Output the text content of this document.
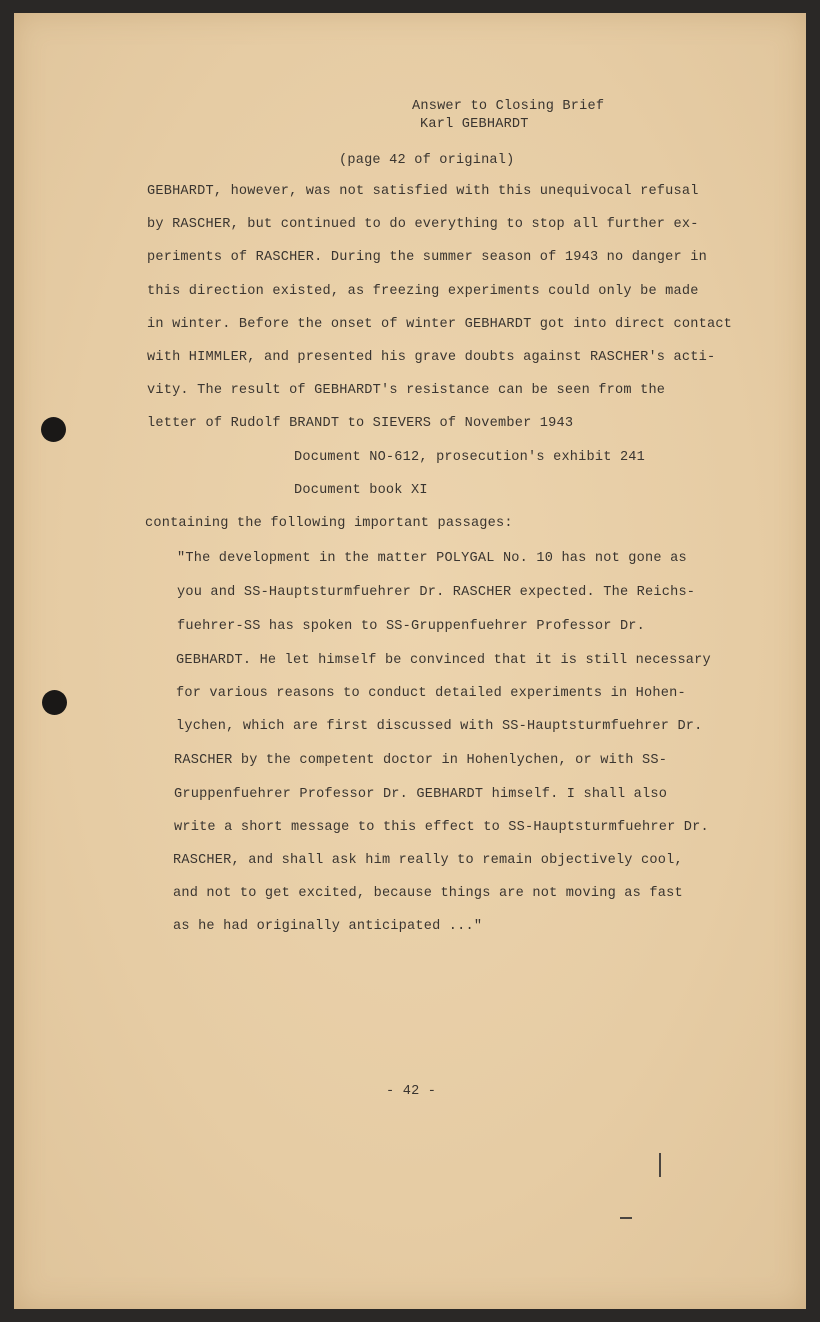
Answer to Closing Brief
Karl GEBHARDT
(page 42 of original)
GEBHARDT, however, was not satisfied with this unequivocal refusal
by RASCHER, but continued to do everything to stop all further ex-
periments of RASCHER. During the summer season of 1943 no danger in
this direction existed, as freezing experiments could only be made
in winter. Before the onset of winter GEBHARDT got into direct contact
with HIMMLER, and presented his grave doubts against RASCHER's acti-
vity. The result of GEBHARDT's resistance can be seen from the
letter of Rudolf BRANDT to SIEVERS of November 1943
Document NO-612, prosecution's exhibit 241
Document book XI
containing the following important passages:
"The development in the matter POLYGAL No. 10 has not gone as
you and SS-Hauptsturmfuehrer Dr. RASCHER expected. The Reichs-
fuehrer-SS has spoken to SS-Gruppenfuehrer Professor Dr.
GEBHARDT. He let himself be convinced that it is still necessary
for various reasons to conduct detailed experiments in Hohen-
lychen, which are first discussed with SS-Hauptsturmfuehrer Dr.
RASCHER by the competent doctor in Hohenlychen, or with SS-
Gruppenfuehrer Professor Dr. GEBHARDT himself. I shall also
write a short message to this effect to SS-Hauptsturmfuehrer Dr.
RASCHER, and shall ask him really to remain objectively cool,
and not to get excited, because things are not moving as fast
as he had originally anticipated ..."
- 42 -
